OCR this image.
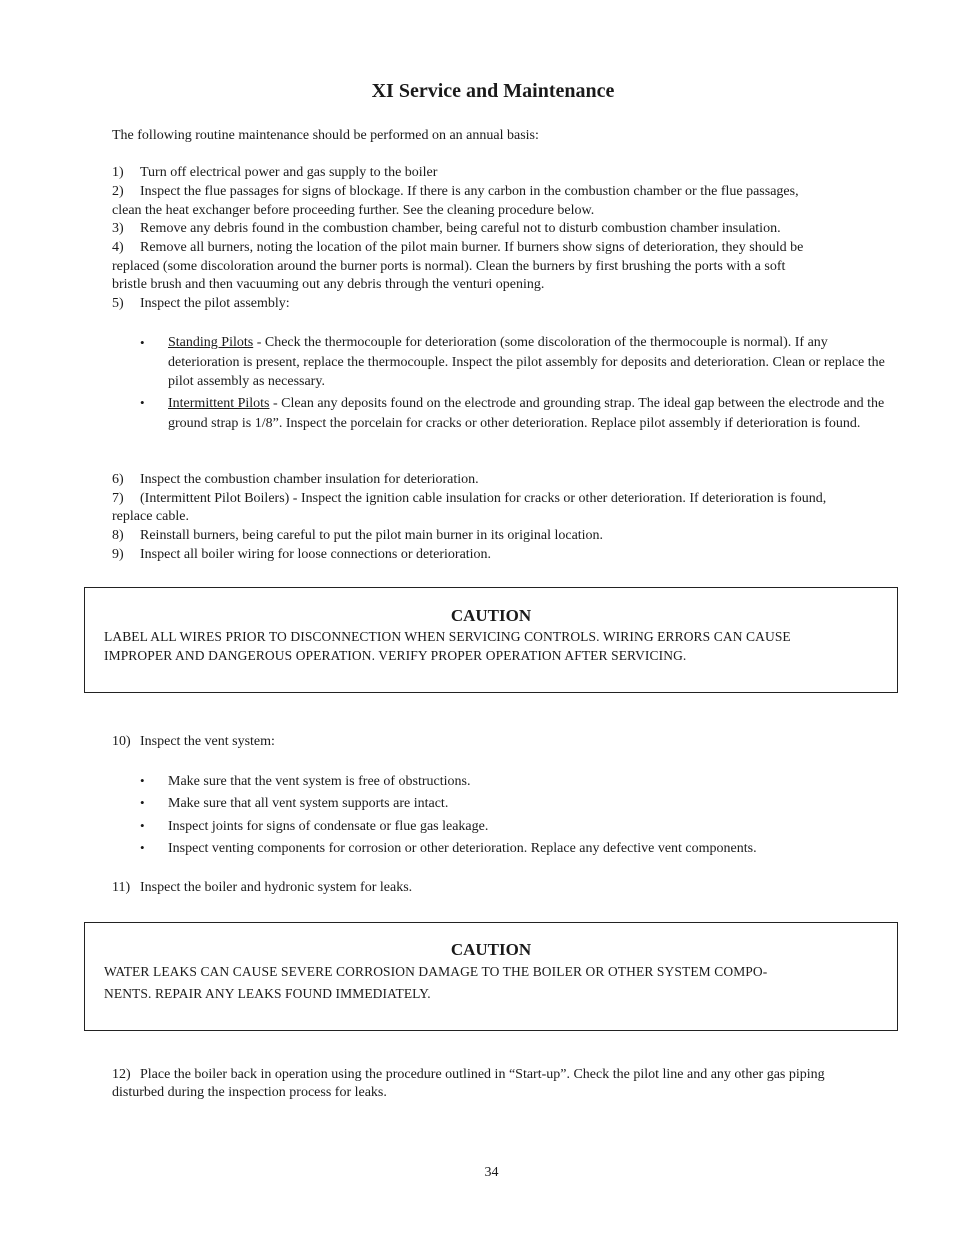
XI Service and Maintenance
The following routine maintenance should be performed on an annual basis:
1) Turn off electrical power and gas supply to the boiler
2) Inspect the flue passages for signs of blockage. If there is any carbon in the combustion chamber or the flue passages,
clean the heat exchanger before proceeding further. See the cleaning procedure below.
3) Remove any debris found in the combustion chamber, being careful not to disturb combustion chamber insulation.
4) Remove all burners, noting the location of the pilot main burner. If burners show signs of deterioration, they should be
replaced (some discoloration around the burner ports is normal). Clean the burners by first brushing the ports with a soft
bristle brush and then vacuuming out any debris through the venturi opening.
5) Inspect the pilot assembly:
• Standing Pilots - Check the thermocouple for deterioration (some discoloration of the thermocouple is normal). If any deterioration is present, replace the thermocouple. Inspect the pilot assembly for deposits and deterioration. Clean or replace the pilot assembly as necessary.
• Intermittent Pilots - Clean any deposits found on the electrode and grounding strap. The ideal gap between the electrode and the ground strap is 1/8”. Inspect the porcelain for cracks or other deterioration. Replace pilot assembly if deterioration is found.
6) Inspect the combustion chamber insulation for deterioration.
7) (Intermittent Pilot Boilers) - Inspect the ignition cable insulation for cracks or other deterioration. If deterioration is found,
replace cable.
8) Reinstall burners, being careful to put the pilot main burner in its original location.
9) Inspect all boiler wiring for loose connections or deterioration.
CAUTION
LABEL ALL WIRES PRIOR TO DISCONNECTION WHEN SERVICING CONTROLS. WIRING ERRORS CAN CAUSE
IMPROPER AND DANGEROUS OPERATION. VERIFY PROPER OPERATION AFTER SERVICING.
10) Inspect the vent system:
• Make sure that the vent system is free of obstructions.
• Make sure that all vent system supports are intact.
• Inspect joints for signs of condensate or flue gas leakage.
• Inspect venting components for corrosion or other deterioration. Replace any defective vent components.
11) Inspect the boiler and hydronic system for leaks.
CAUTION
WATER LEAKS CAN CAUSE SEVERE CORROSION DAMAGE TO THE BOILER OR OTHER SYSTEM COMPO-
NENTS. REPAIR ANY LEAKS FOUND IMMEDIATELY.
12) Place the boiler back in operation using the procedure outlined in “Start-up”. Check the pilot line and any other gas piping
disturbed during the inspection process for leaks.
34
